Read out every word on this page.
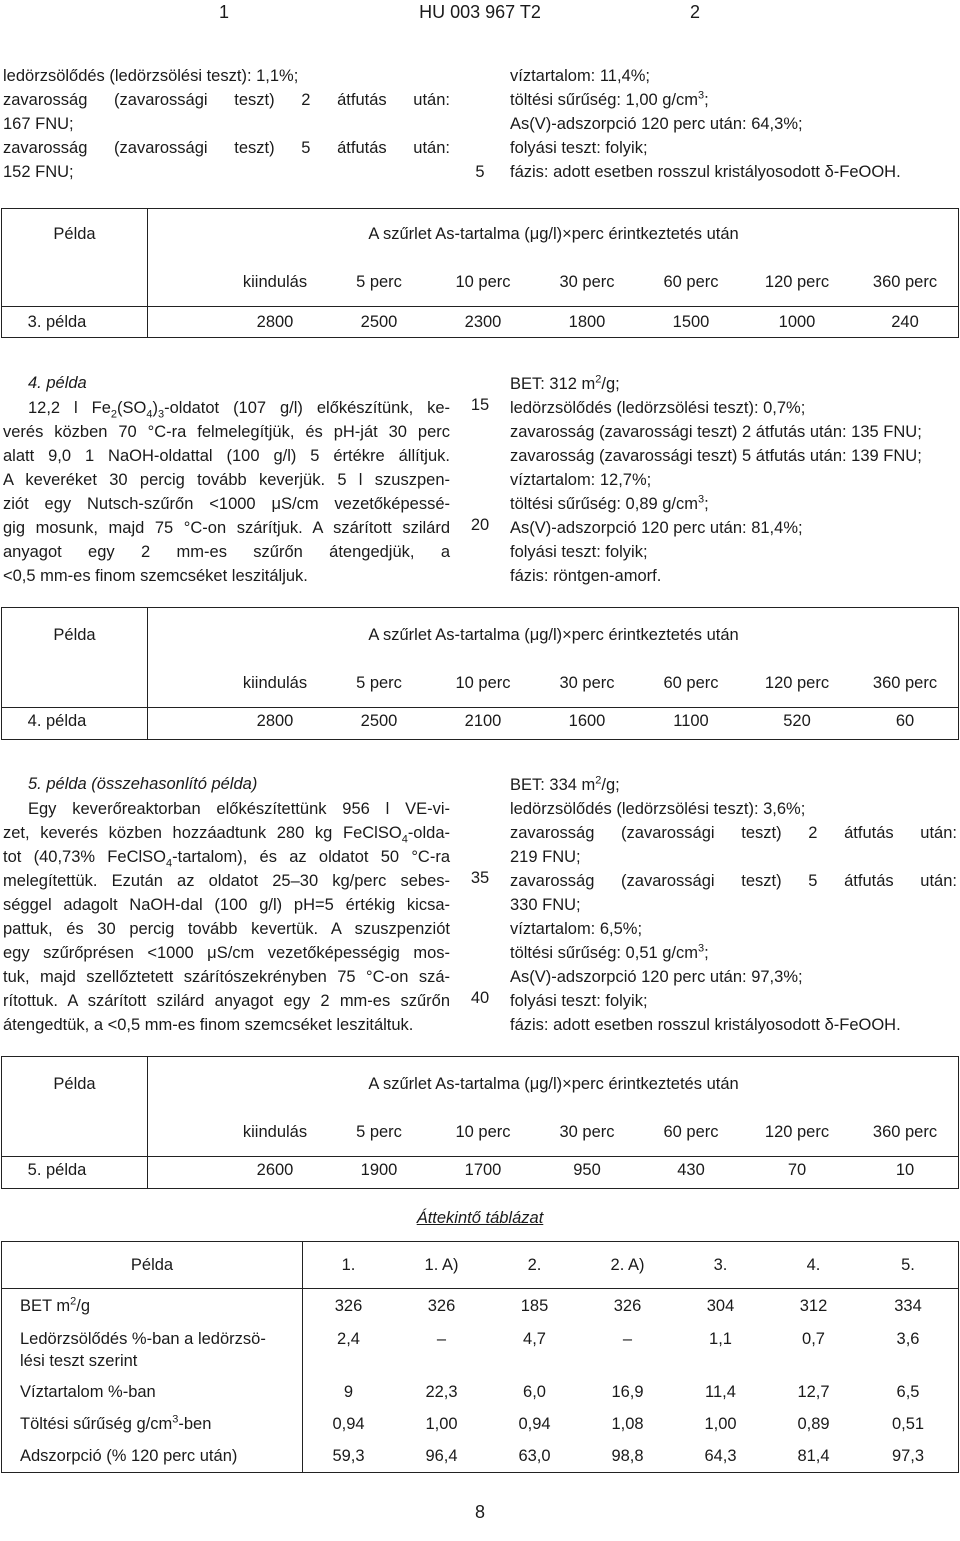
1	HU 003 967 T2	2
ledörzsölődés (ledörzsölési teszt): 1,1%;
zavarosság (zavarossági teszt) 2 átfutás után:
167 FNU;
zavarosság (zavarossági teszt) 5 átfutás után:
152 FNU;	5
víztartalom: 11,4%;
töltési sűrűség: 1,00 $g/cm^3$;
As(V)-adszorpció 120 perc után: 64,3%;
folyási teszt: folyik;
fázis: adott esetben rosszul kristályosodott δ-FeOOH.
Példa	A szűrlet As-tartalma (μg/l)×perc érintkeztetés után
kiindulás	5 perc	10 perc	30 perc	60 perc	120 perc	360 perc
3. példa	2800	2500	2300	1800	1500	1000	240
4. példa
12,2 l $Fe_2(SO_4)_3$-oldatot (107 g/l) előkészítünk, ke-
verés közben 70 °C-ra felmelegítjük, és pH-ját 30 perc
alatt 9,0 1 NaOH-oldattal (100 g/l) 5 értékre állítjuk.
A keveréket 30 percig tovább keverjük. 5 l szuszpen-
ziót egy Nutsch-szűrőn <1000 μS/cm vezetőképessé-
gig mosunk, majd 75 °C-on szárítjuk. A szárított szilárd
anyagot egy 2 mm-es szűrőn átengedjük, a
<0,5 mm-es finom szemcséket leszitáljuk.
15
20
BET: 312 $m^2/g$;
ledörzsölődés (ledörzsölési teszt): 0,7%;
zavarosság (zavarossági teszt) 2 átfutás után: 135 FNU;
zavarosság (zavarossági teszt) 5 átfutás után: 139 FNU;
víztartalom: 12,7%;
töltési sűrűség: 0,89 $g/cm^3$;
As(V)-adszorpció 120 perc után: 81,4%;
folyási teszt: folyik;
fázis: röntgen-amorf.
Példa	A szűrlet As-tartalma (μg/l)×perc érintkeztetés után
kiindulás	5 perc	10 perc	30 perc	60 perc	120 perc	360 perc
4. példa	2800	2500	2100	1600	1100	520	60
5. példa (összehasonlító példa)
Egy keverőreaktorban előkészítettünk 956 l VE-vi-
zet, keverés közben hozzáadtunk 280 kg FeClSO$_4$-olda-
tot (40,73% FeClSO$_4$-tartalom), és az oldatot 50 °C-ra
melegítettük. Ezután az oldatot 25–30 kg/perc sebes-
séggel adagolt NaOH-dal (100 g/l) pH=5 értékig kicsa-
pattuk, és 30 percig tovább kevertük. A szuszpenziót
egy szűrőprésen <1000 μS/cm vezetőképességig mos-
tuk, majd szellőztetett szárítószekrényben 75 °C-on szá-
rítottuk. A szárított szilárd anyagot egy 2 mm-es szűrőn
átengedtük, a <0,5 mm-es finom szemcséket leszitáltuk.
35
40
BET: 334 $m^2/g$;
ledörzsölődés (ledörzsölési teszt): 3,6%;
zavarosság (zavarossági teszt) 2 átfutás után:
219 FNU;
zavarosság (zavarossági teszt) 5 átfutás után:
330 FNU;
víztartalom: 6,5%;
töltési sűrűség: 0,51 $g/cm^3$;
As(V)-adszorpció 120 perc után: 97,3%;
folyási teszt: folyik;
fázis: adott esetben rosszul kristályosodott δ-FeOOH.
Példa	A szűrlet As-tartalma (μg/l)×perc érintkeztetés után
kiindulás	5 perc	10 perc	30 perc	60 perc	120 perc	360 perc
5. példa	2600	1900	1700	950	430	70	10
Áttekintő táblázat
Példa	1.	1. A)	2.	2. A)	3.	4.	5.
BET $m^2/g$	326	326	185	326	304	312	334
Ledörzsölődés %-ban a ledörzsö-
lési teszt szerint
2,4	–	4,7	–	1,1	0,7	3,6
Víztartalom %-ban	9	22,3	6,0	16,9	11,4	12,7	6,5
Töltési sűrűség $g/cm^3$-ben	0,94	1,00	0,94	1,08	1,00	0,89	0,51
Adszorpció (% 120 perc után)	59,3	96,4	63,0	98,8	64,3	81,4	97,3
8
